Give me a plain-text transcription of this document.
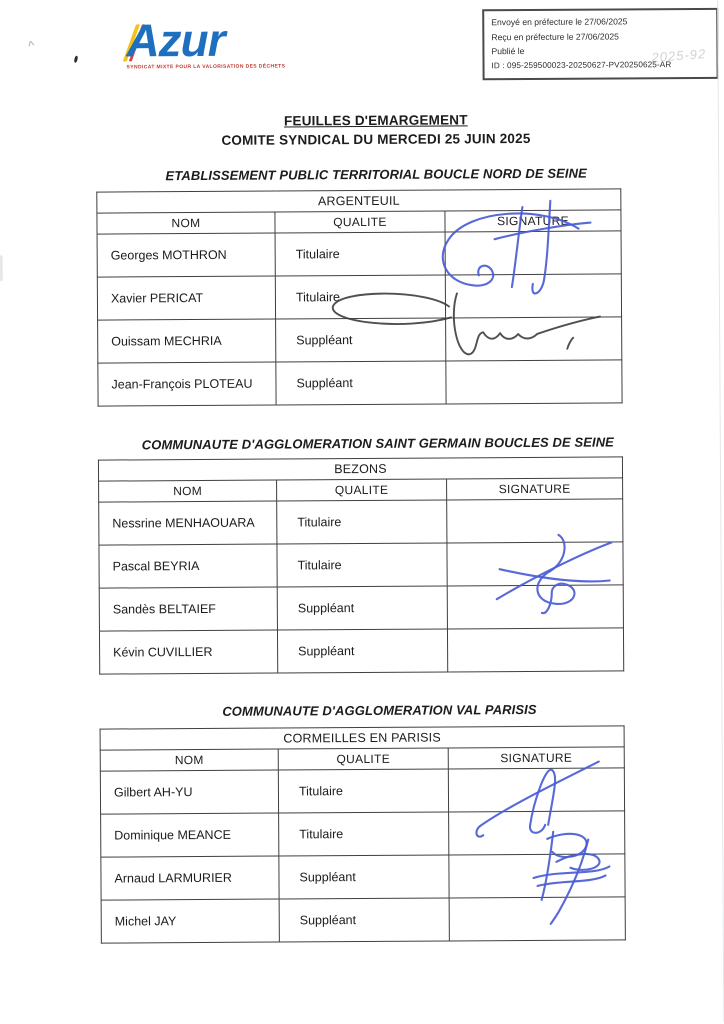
2025-92
Envoyé en préfecture le 27/06/2025
Reçu en préfecture le 27/06/2025
Publié le
ID : 095-259500023-20250627-PV20250625-AR
Azur
SYNDICAT MIXTE POUR LA VALORISATION DES DÉCHETS
^
FEUILLES D'EMARGEMENT
COMITE SYNDICAL DU MERCEDI 25 JUIN 2025
ETABLISSEMENT PUBLIC TERRITORIAL BOUCLE NORD DE SEINE
ARGENTEUIL		
NOM	QUALITE	SIGNATURE
Georges MOTHRON	Titulaire	
Xavier PERICAT	Titulaire	
Ouissam MECHRIA	Suppléant	
Jean-François PLOTEAU	Suppléant	
COMMUNAUTE D'AGGLOMERATION SAINT GERMAIN BOUCLES DE SEINE
BEZONS		
NOM	QUALITE	SIGNATURE
Nessrine MENHAOUARA	Titulaire	
Pascal BEYRIA	Titulaire	
Sandès BELTAIEF	Suppléant	
Kévin CUVILLIER	Suppléant	
COMMUNAUTE D'AGGLOMERATION VAL PARISIS
CORMEILLES EN PARISIS		
NOM	QUALITE	SIGNATURE
Gilbert AH-YU	Titulaire	
Dominique MEANCE	Titulaire	
Arnaud LARMURIER	Suppléant	
Michel JAY	Suppléant	
